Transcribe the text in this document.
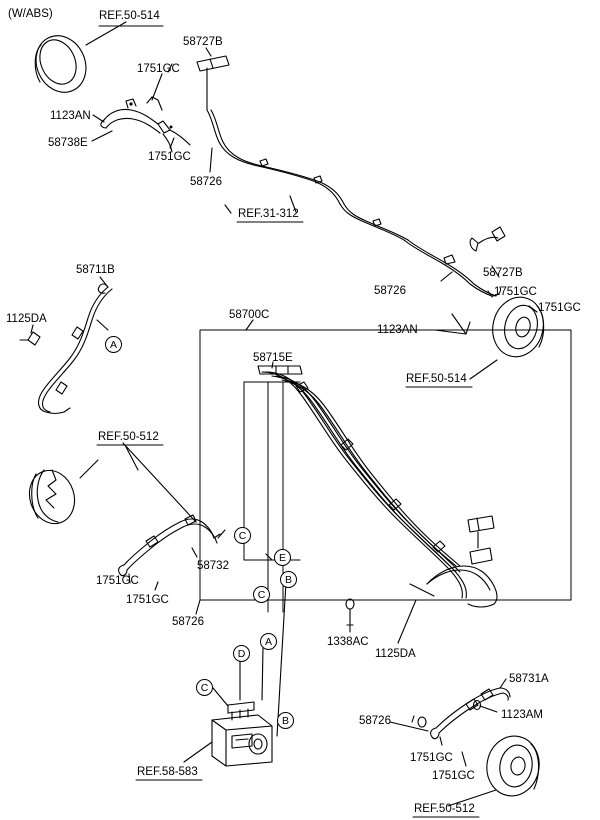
(W/ABS)	REF.50-514
58727B
1751GC
1123AN
58738E
1751GC
58726
REF.31-312
58727B
58726	1751GC
1751GC
1123AN
REF.50-514
58711B
1125DA	58700C
58715E
REF.50-512
58732
1751GC
1751GC
58726
1338AC
1125DA
58731A
1123AM
58726
1751GC
1751GC
REF.58-583
REF.50-512
A
C
E
B
C
A
D
C
B
